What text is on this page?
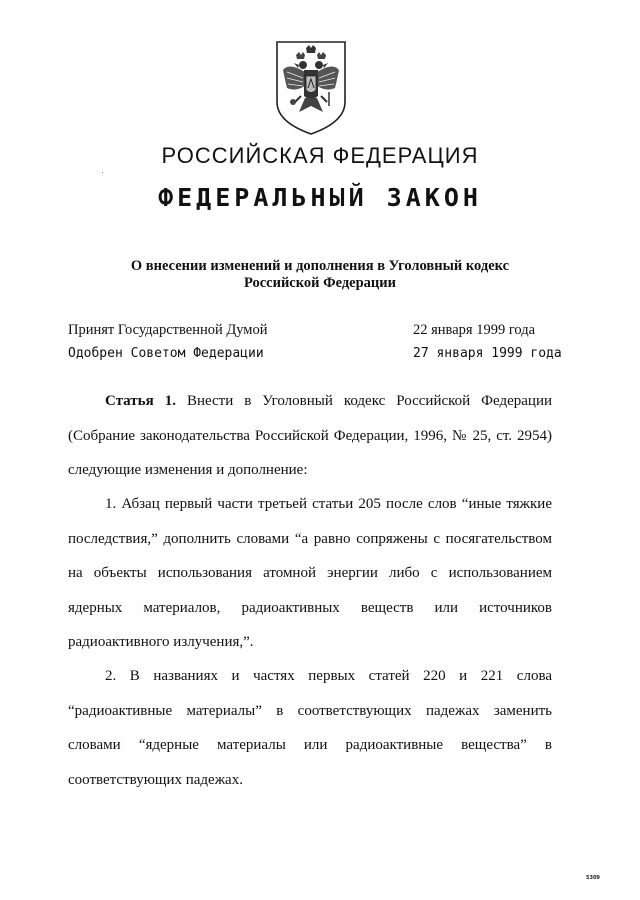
РОССИЙСКАЯ ФЕДЕРАЦИЯ
ФЕДЕРАЛЬНЫЙ ЗАКОН
О внесении изменений и дополнения в Уголовный кодекс
Российской Федерации
Принят Государственной Думой	22 января 1999 года
Одобрен Советом Федерации	27 января 1999 года

Статья 1. Внести в Уголовный кодекс Российской Федерации (Собрание законодательства Российской Федерации, 1996, № 25, ст. 2954) следующие изменения и дополнение:

1. Абзац первый части третьей статьи 205 после слов “иные тяжкие последствия,” дополнить словами “а равно сопряжены с посягательством на объекты использования атомной энергии либо с использованием ядерных материалов, радиоактивных веществ или источников радиоактивного излучения,”.

2. В названиях и частях первых статей 220 и 221 слова “радиоактивные материалы” в соответствующих падежах заменить словами “ядерные материалы или радиоактивные вещества” в соответствующих падежах.

5309
